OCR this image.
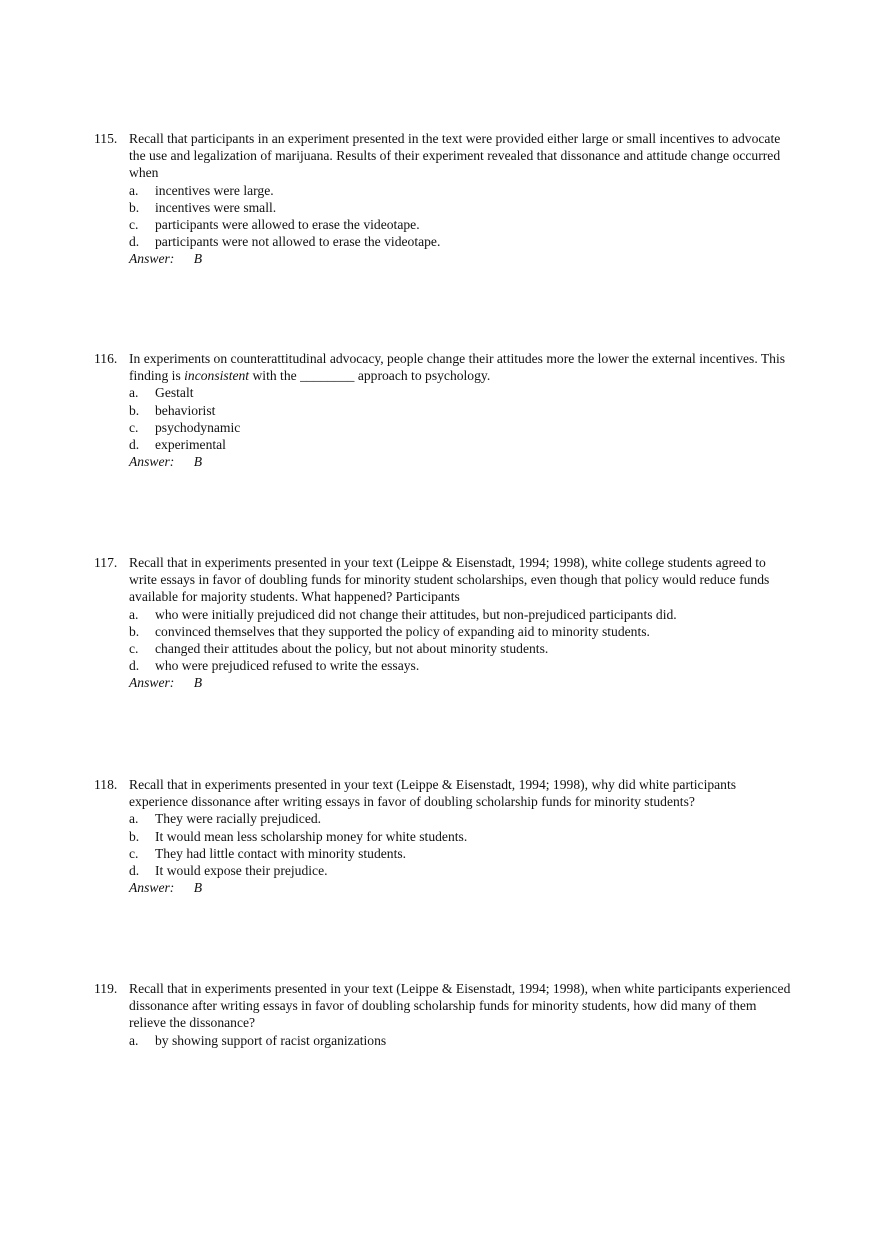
115. Recall that participants in an experiment presented in the text were provided either large or small incentives to advocate the use and legalization of marijuana. Results of their experiment revealed that dissonance and attitude change occurred when
a. incentives were large.
b. incentives were small.
c. participants were allowed to erase the videotape.
d. participants were not allowed to erase the videotape.
Answer: B
116. In experiments on counterattitudinal advocacy, people change their attitudes more the lower the external incentives. This finding is inconsistent with the ________ approach to psychology.
a. Gestalt
b. behaviorist
c. psychodynamic
d. experimental
Answer: B
117. Recall that in experiments presented in your text (Leippe & Eisenstadt, 1994; 1998), white college students agreed to write essays in favor of doubling funds for minority student scholarships, even though that policy would reduce funds available for majority students. What happened? Participants
a. who were initially prejudiced did not change their attitudes, but non-prejudiced participants did.
b. convinced themselves that they supported the policy of expanding aid to minority students.
c. changed their attitudes about the policy, but not about minority students.
d. who were prejudiced refused to write the essays.
Answer: B
118. Recall that in experiments presented in your text (Leippe & Eisenstadt, 1994; 1998), why did white participants experience dissonance after writing essays in favor of doubling scholarship funds for minority students?
a. They were racially prejudiced.
b. It would mean less scholarship money for white students.
c. They had little contact with minority students.
d. It would expose their prejudice.
Answer: B
119. Recall that in experiments presented in your text (Leippe & Eisenstadt, 1994; 1998), when white participants experienced dissonance after writing essays in favor of doubling scholarship funds for minority students, how did many of them relieve the dissonance?
a. by showing support of racist organizations
